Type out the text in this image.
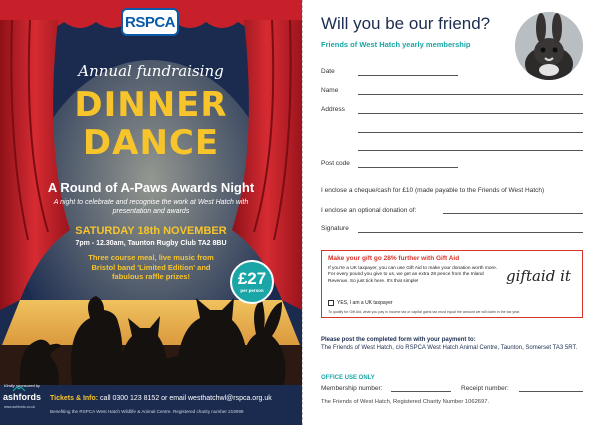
RSPCA
Annual fundraising
DINNER
DANCE
A Round of A-Paws Awards Night
A night to celebrate and recognise the work at West Hatch with presentation and awards
SATURDAY 18th NOVEMBER
7pm - 12.30am, Taunton Rugby Club TA2 8BU
Three course meal, live music from Bristol band 'Limited Edition' and fabulous raffle prizes!	£27
per person
Kindly sponsored by
ashfords
www.ashfords.co.uk
Tickets & Info: call 0300 123 8152 or email westhatchwl@rspca.org.uk
Benefiting the RSPCA West Hatch Wildlife & Animal Centre. Registered charity number 219099
Will you be our friend?
Friends of West Hatch yearly membership
Date
Name
Address
Post code
I enclose a cheque/cash for £10 (made payable to the Friends of West Hatch)
I enclose an optional donation of:
Signature
Make your gift go 28% further with Gift Aid
If you're a UK taxpayer, you can use Gift Aid to make your donation worth more. For every pound you give to us, we get an extra 28 pence from the Inland Revenue. So just tick here. It's that simple!	giftaid it
YES, I am a UK taxpayer
To qualify for Gift Aid, what you pay in income tax or capital gains tax must equal the amount we will claim in the tax year.
Please post the completed form with your payment to:
The Friends of West Hatch, c/o RSPCA West Hatch Animal Centre, Taunton, Somerset TA3 5RT.
OFFICE USE ONLY
Membership number:	Receipt number:
The Friends of West Hatch, Registered Charity Number 1062697.
